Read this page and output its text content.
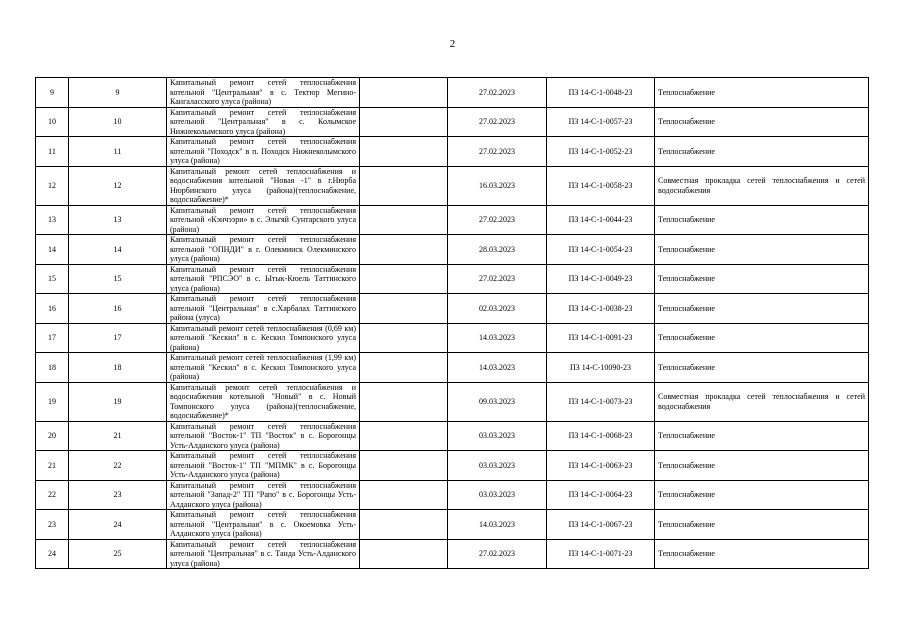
2
9	9	Капитальный ремонт сетей теплоснабжения котельной "Центральная" в с. Тектюр Мегино-Кангаласского улуса (района)		27.02.2023	ПЗ 14-С-1-0048-23	Теплоснабжение
10	10	Капитальный ремонт сетей теплоснабжения котельной "Центральная" в с. Колымское Нижнеколымского улуса (района)		27.02.2023	ПЗ 14-С-1-0057-23	Теплоснабжение
11	11	Капитальный ремонт сетей теплоснабжения котельной "Походск" в п. Походск Нижнеколымского улуса (района)		27.02.2023	ПЗ 14-С-1-0052-23	Теплоснабжение
12	12	Капитальный ремонт сетей теплоснабжения и водоснабжения котельной "Новая -1" в г.Нюрба Нюрбинского улуса (района)(теплоснабжение, водоснабжение)*		16.03.2023	ПЗ 14-С-1-0058-23	Совместная прокладка сетей теплоснабжения и сетей водоснабжения
13	13	Капитальный ремонт сетей теплоснабжения котельной «Кэнчээри» в с. Эльгяй Сунтарского улуса (района)		27.02.2023	ПЗ 14-С-1-0044-23	Теплоснабжение
14	14	Капитальный ремонт сетей теплоснабжения котельной "ОПНДИ" в г. Олекминск Олекминского улуса (района)		28.03.2023	ПЗ 14-С-1-0054-23	Теплоснабжение
15	15	Капитальный ремонт сетей теплоснабжения котельной "РПСЭО" в с. Ытык-Кюель Таттинского улуса (района)		27.02.2023	ПЗ 14-С-1-0049-23	Теплоснабжение
16	16	Капитальный ремонт сетей теплоснабжения котельной "Центральная" в с.Харбалах Таттинского района (улуса)		02.03.2023	ПЗ 14-С-1-0038-23	Теплоснабжение
17	17	Капитальный ремонт сетей теплоснабжения (0,69 км) котельной "Кескил" в с. Кескил Томпонского улуса (района)		14.03.2023	ПЗ 14-С-1-0091-23	Теплоснабжение
18	18	Капитальный ремонт сетей теплоснабжения (1,99 км) котельной "Кескил" в с. Кескил Томпонского улуса (района)		14.03.2023	ПЗ 14-С-10090-23	Теплоснабжение
19	19	Капитальный ремонт сетей теплоснабжения и водоснабжения котельной "Новый" в с. Новый Томпонского улуса (района)(теплоснабжение, водоснабжение)*		09.03.2023	ПЗ 14-С-1-0073-23	Совместная прокладка сетей теплоснабжения и сетей водоснабжения
20	21	Капитальный ремонт сетей теплоснабжения котельной "Восток-1" ТП "Восток" в с. Борогонцы Усть-Алданского улуса (района)		03.03.2023	ПЗ 14-С-1-0068-23	Теплоснабжение
21	22	Капитальный ремонт сетей теплоснабжения котельной "Восток-1" ТП "МПМК" в с. Борогонцы Усть-Алданского улуса (района)		03.03.2023	ПЗ 14-С-1-0063-23	Теплоснабжение
22	23	Капитальный ремонт сетей теплоснабжения котельной "Запад-2" ТП "Рапо" в с. Борогонцы Усть-Алданского улуса (района)		03.03.2023	ПЗ 14-С-1-0064-23	Теплоснабжение
23	24	Капитальный ремонт сетей теплоснабжения котельной "Центральная" в с. Окоемовка Усть-Алданского улуса (района)		14.03.2023	ПЗ 14-С-1-0067-23	Теплоснабжение
24	25	Капитальный ремонт сетей теплоснабжения котельной "Центральная" в с. Тандa Усть-Алданского улуса (района)		27.02.2023	ПЗ 14-С-1-0071-23	Теплоснабжение
